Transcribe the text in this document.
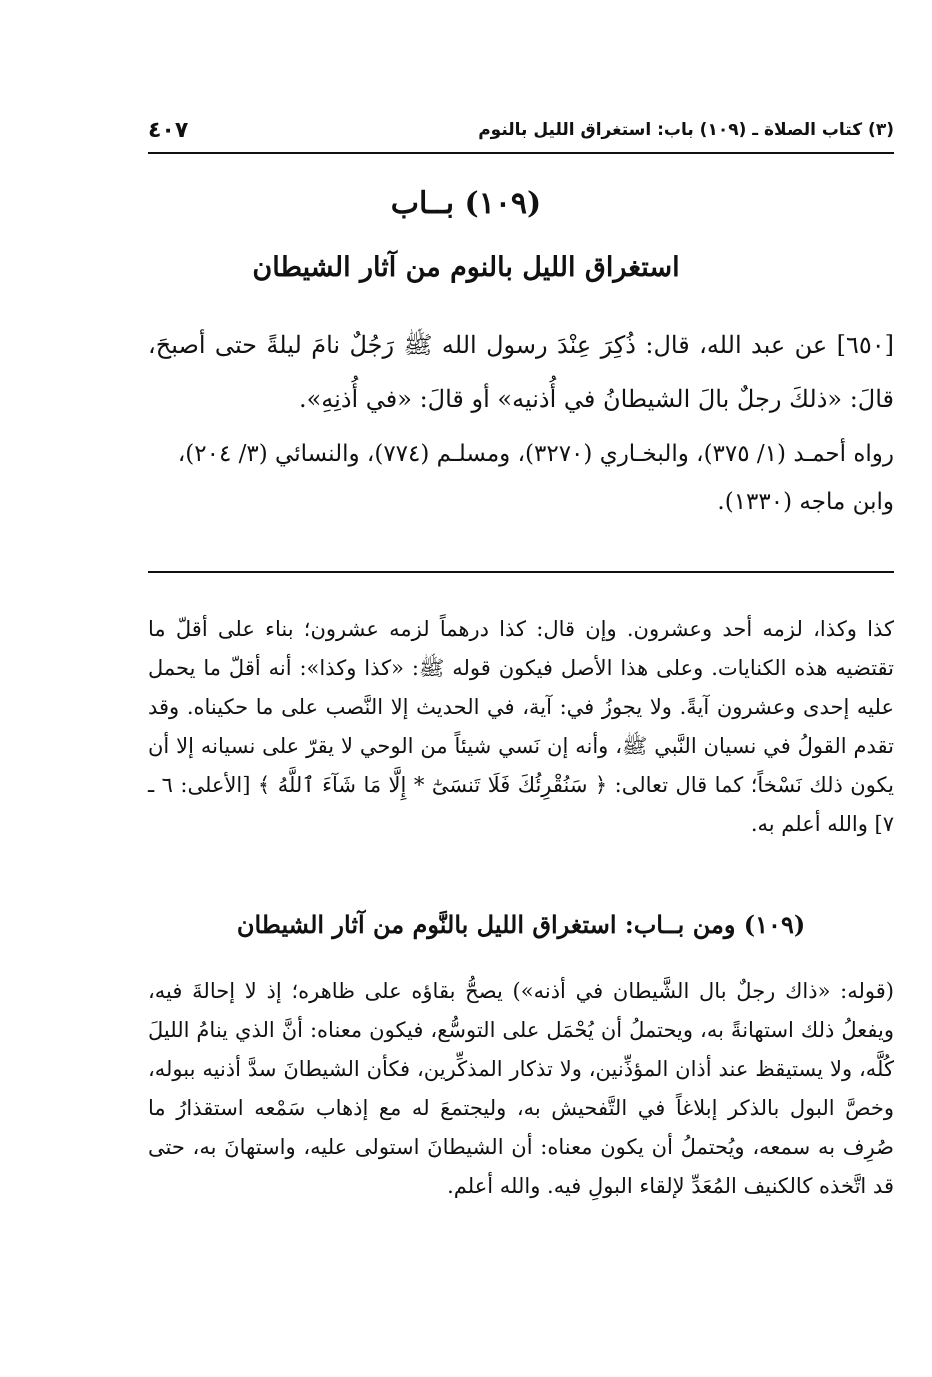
(٣) كتاب الصلاة ـ (١٠٩) باب: استغراق الليل بالنوم
٤٠٧
(١٠٩) بــاب
استغراق الليل بالنوم من آثار الشيطان

[٦٥٠] عن عبد الله، قال: ذُكِرَ عِنْدَ رسول الله ﷺ رَجُلٌ نامَ ليلةً حتى أصبحَ، قالَ: «ذلكَ رجلٌ بالَ الشيطانُ في أُذنيه» أو قالَ: «في أُذنِهِ».

رواه أحمـد (١/ ٣٧٥)، والبخـاري (٣٢٧٠)، ومسلـم (٧٧٤)، والنسائي (٣/ ٢٠٤)، وابن ماجه (١٣٣٠).
كذا وكذا، لزمه أحد وعشرون. وإن قال: كذا درهماً لزمه عشرون؛ بناء على أقلّ ما تقتضيه هذه الكنايات. وعلى هذا الأصل فيكون قوله ﷺ: «كذا وكذا»: أنه أقلّ ما يحمل عليه إحدى وعشرون آيةً. ولا يجوزُ في: آية، في الحديث إلا النَّصب على ما حكيناه. وقد تقدم القولُ في نسيان النَّبي ﷺ، وأنه إن نَسي شيئاً من الوحي لا يقرّ على نسيانه إلا أن يكون ذلك نَسْخاً؛ كما قال تعالى: ﴿ سَنُقْرِئُكَ فَلَا تَنسَىٰٓ * إِلَّا مَا شَآءَ ٱللَّهُ ﴾ [الأعلى: ٦ ـ ٧] والله أعلم به.
(١٠٩) ومن بــاب: استغراق الليل بالنَّوم من آثار الشيطان
(قوله: «ذاك رجلٌ بال الشَّيطان في أذنه») يصحُّ بقاؤه على ظاهره؛ إذ لا إحالةَ فيه، ويفعلُ ذلك استهانةً به، ويحتملُ أن يُحْمَل على التوسُّع، فيكون معناه: أنَّ الذي ينامُ الليلَ كُلَّه، ولا يستيقظ عند أذان المؤذِّنين، ولا تذكار المذكِّرين، فكأن الشيطانَ سدَّ أذنيه ببوله، وخصَّ البول بالذكر إبلاغاً في التَّفحيش به، وليجتمعَ له مع إذهاب سَمْعه استقذارُ ما صُرِف به سمعه، ويُحتملُ أن يكون معناه: أن الشيطانَ استولى عليه، واستهانَ به، حتى قد اتَّخذه كالكنيف المُعَدِّ لإلقاء البولِ فيه. والله أعلم.
